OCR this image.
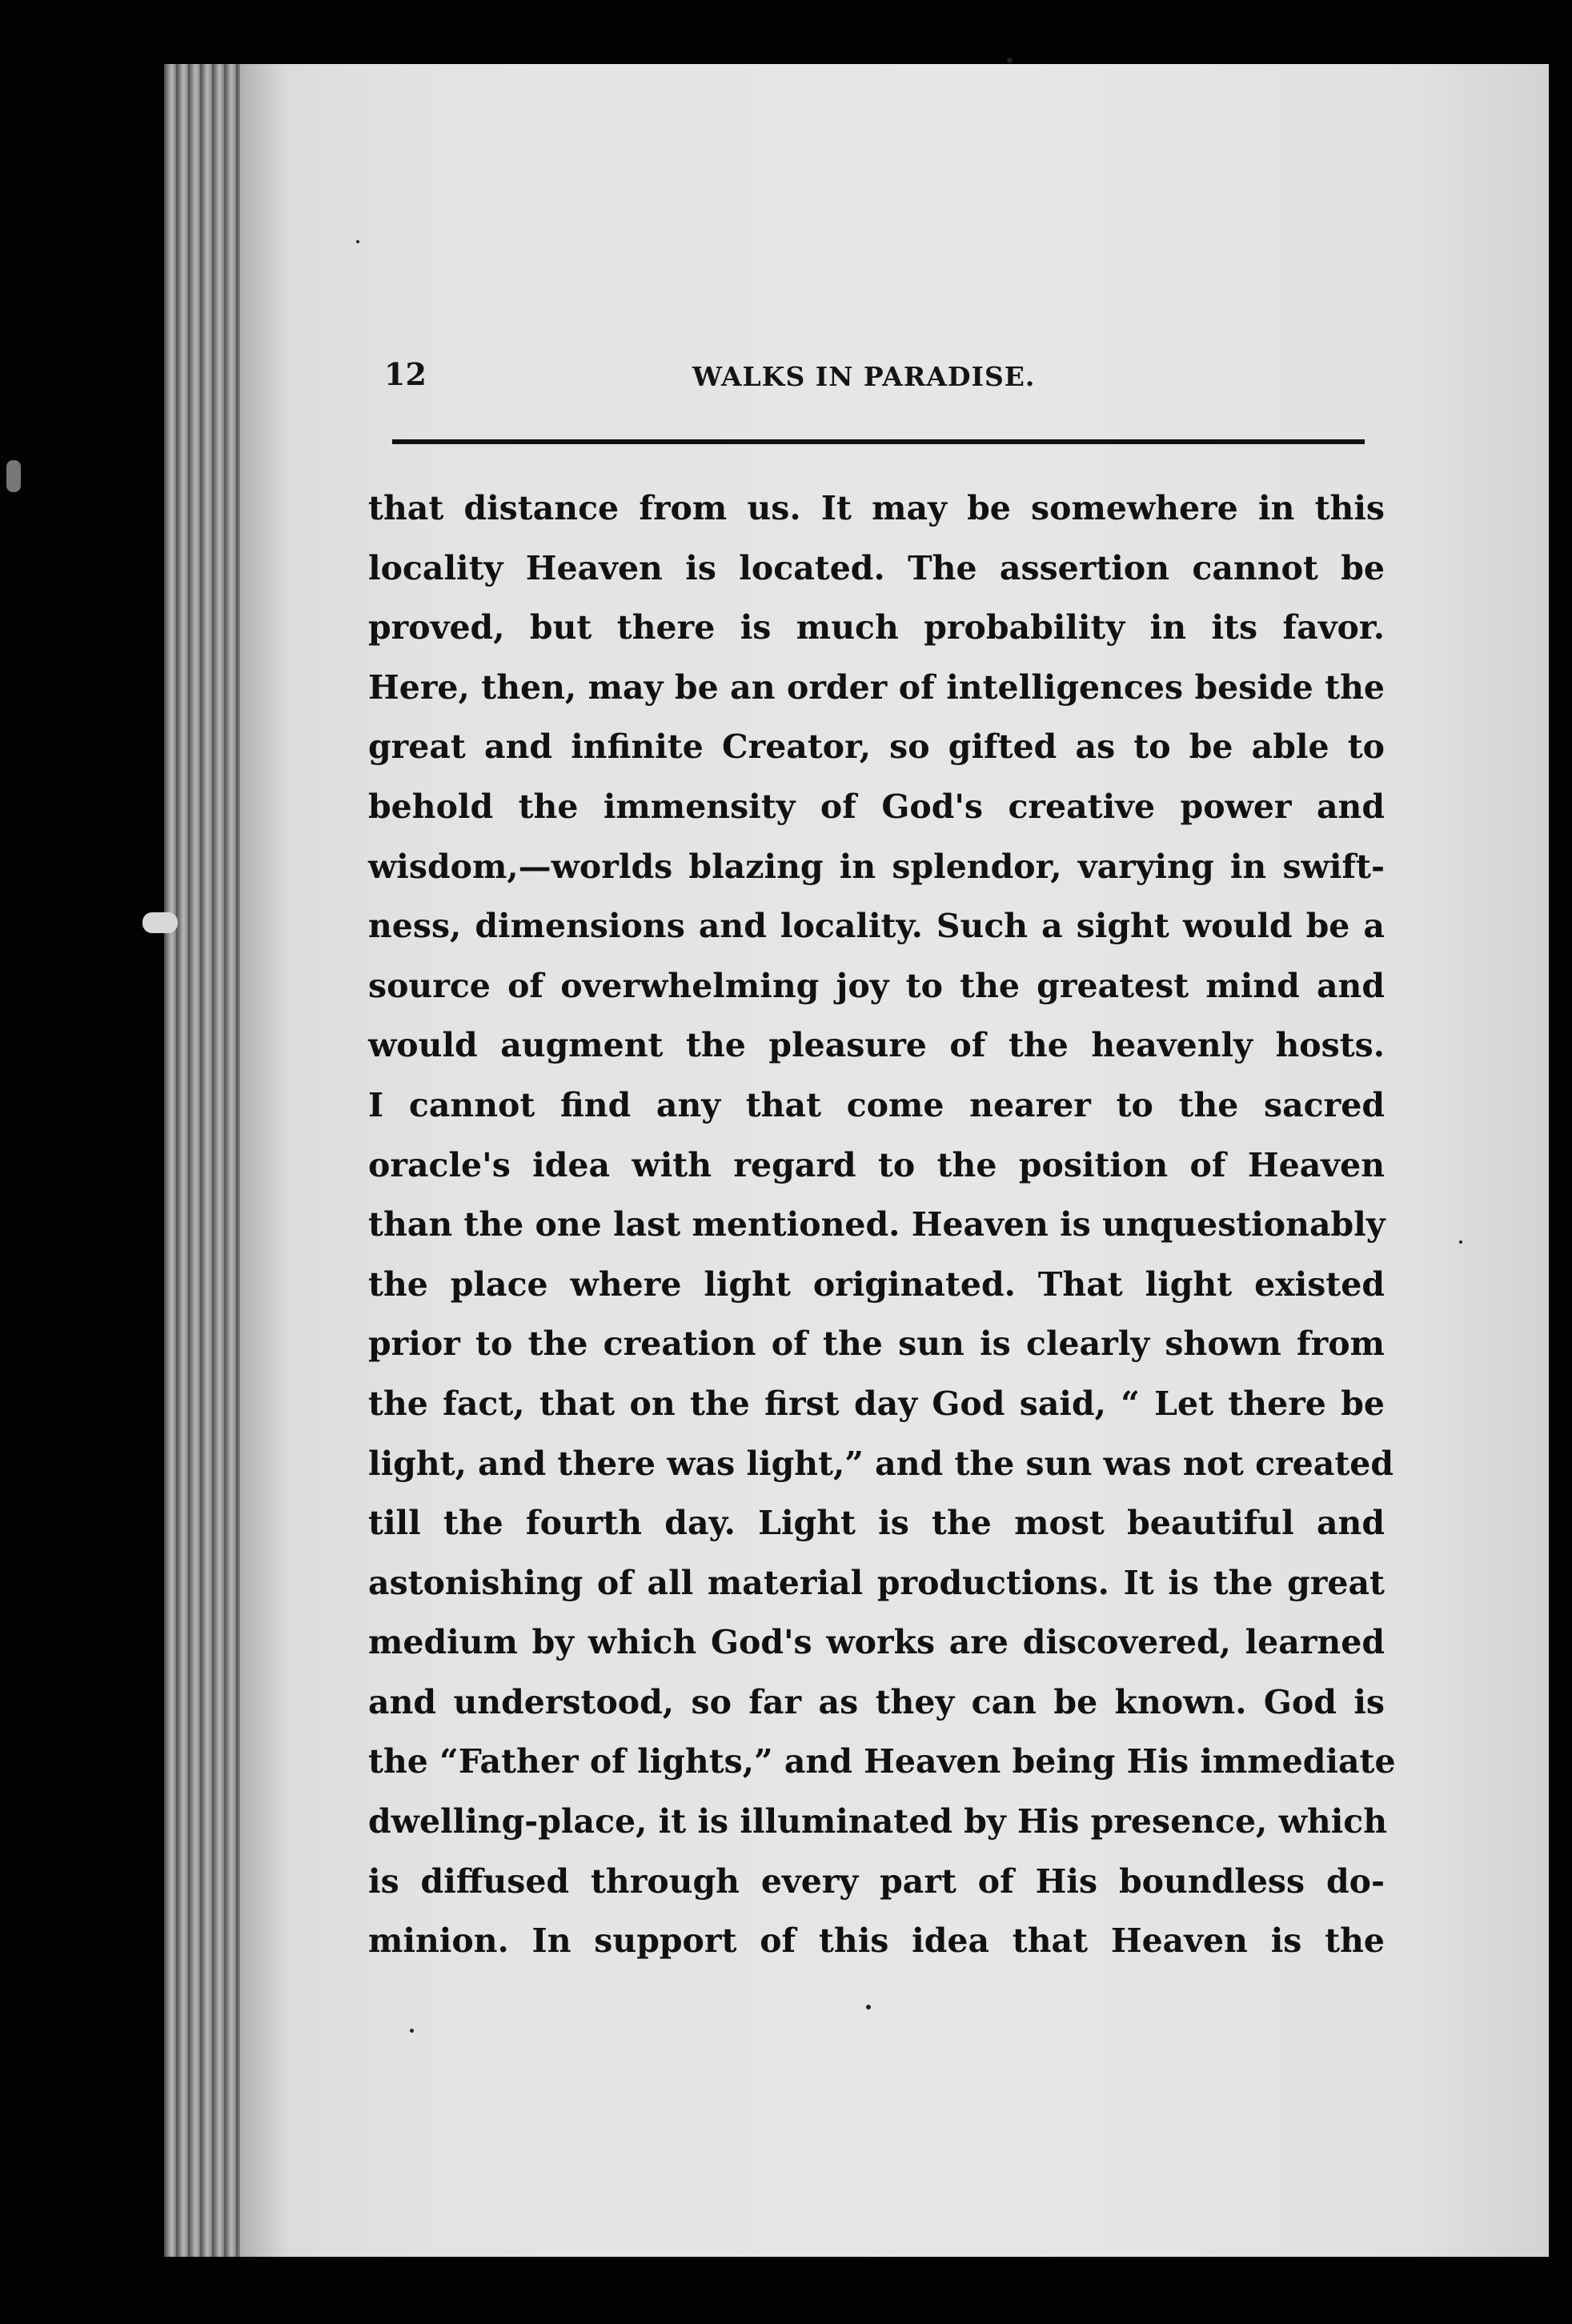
12	WALKS IN PARADISE.
that distance from us. It may be somewhere in this
locality Heaven is located. The assertion cannot be
proved, but there is much probability in its favor.
Here, then, may be an order of intelligences beside the
great and infinite Creator, so gifted as to be able to
behold the immensity of God's creative power and
wisdom,—worlds blazing in splendor, varying in swift-
ness, dimensions and locality. Such a sight would be a
source of overwhelming joy to the greatest mind and
would augment the pleasure of the heavenly hosts.
I cannot find any that come nearer to the sacred
oracle's idea with regard to the position of Heaven
than the one last mentioned. Heaven is unquestionably
the place where light originated. That light existed
prior to the creation of the sun is clearly shown from
the fact, that on the first day God said, “ Let there be
light, and there was light,” and the sun was not created
till the fourth day. Light is the most beautiful and
astonishing of all material productions. It is the great
medium by which God's works are discovered, learned
and understood, so far as they can be known. God is
the “Father of lights,” and Heaven being His immediate
dwelling-place, it is illuminated by His presence, which
is diffused through every part of His boundless do-
minion. In support of this idea that Heaven is the
